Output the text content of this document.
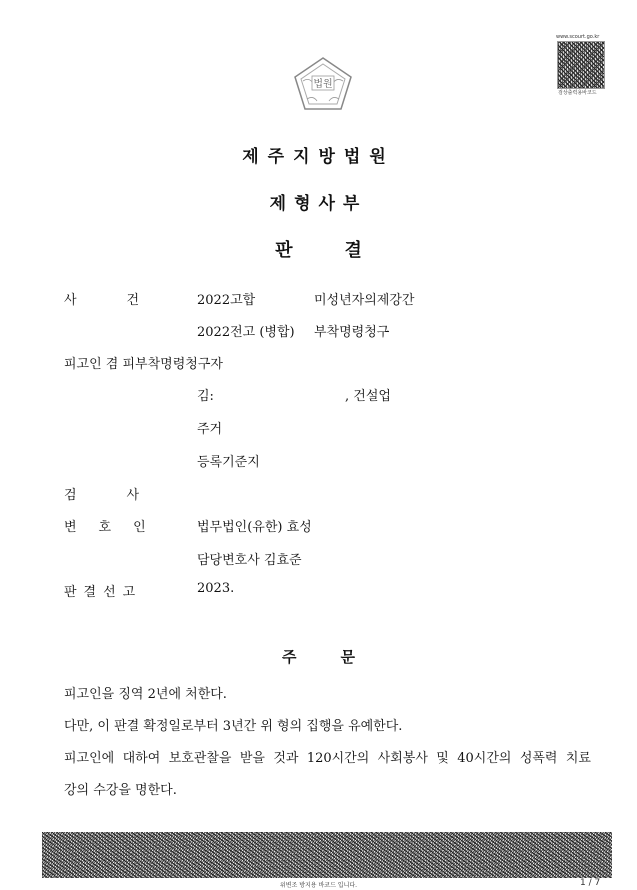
법원
www.scourt.go.kr
검상출력용바코드
제주지방법원
제형사부
판결
사건 2022고합	미성년자의제강간
2022전고 (병합) 부착명령청구
피고인 겸 피부착명령청구자
김:	, 건설업
주거
등록기준지
검사
변호인 법무법인(유한) 효성
담당변호사 김효준
판결선고	2023.
주문
피고인을 징역 2년에 처한다.
다만, 이 판결 확정일로부터 3년간 위 형의 집행을 유예한다.
피고인에 대하여 보호관찰을 받을 것과 120시간의 사회봉사 및 40시간의 성폭력 치료
강의 수강을 명한다.
위변조 방지용 바코드 입니다.	1 / 7
